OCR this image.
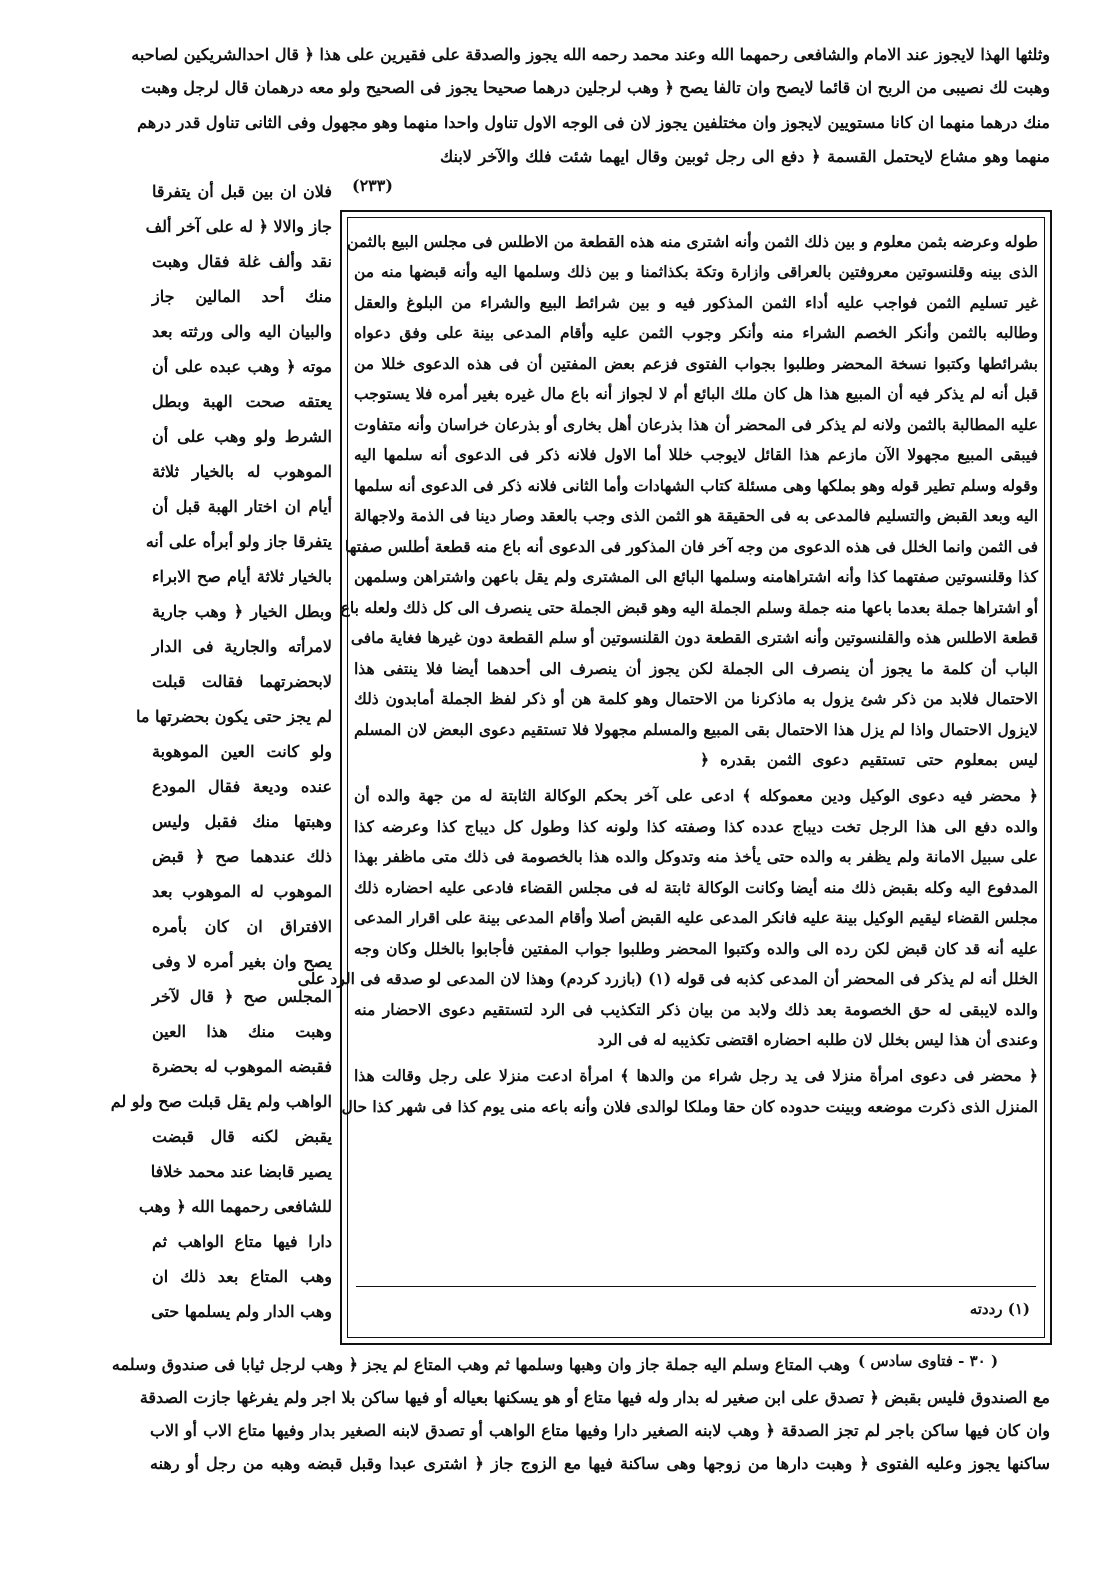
وثلثها الهذا لايجوز عند الامام والشافعى رحمهما الله وعند محمد رحمه الله يجوز والصدقة على فقيرين على هذا ﴿ قال احدالشريكين لصاحبه
وهبت لك نصيبى من الربح ان قائما لايصح وان تالفا يصح ﴿ وهب لرجلين درهما صحيحا يجوز فى الصحيح ولو معه درهمان قال لرجل وهبت
منك درهما منهما ان كانا مستويين لايجوز وان مختلفين يجوز لان فى الوجه الاول تناول واحدا منهما وهو مجهول وفى الثانى تناول قدر درهم
منهما وهو مشاع لايحتمل القسمة ﴿ دفع الى رجل ثوبين وقال ايهما شئت فلك والآخر لابنك
(٢٣٣)
طوله وعرضه بثمن معلوم و بين ذلك الثمن وأنه اشترى منه هذه القطعة من الاطلس فى مجلس البيع بالثمن
الذى بينه وقلنسوتين معروفتين بالعراقى وازارة وتكة بكذاثمنا و بين ذلك وسلمها اليه وأنه قبضها منه من
غير تسليم الثمن فواجب عليه أداء الثمن المذكور فيه و بين شرائط البيع والشراء من البلوغ والعقل
وطالبه بالثمن وأنكر الخصم الشراء منه وأنكر وجوب الثمن عليه وأقام المدعى بينة على وفق دعواه
بشرائطها وكتبوا نسخة المحضر وطلبوا بجواب الفتوى فزعم بعض المفتين أن فى هذه الدعوى خللا من
قبل أنه لم يذكر فيه أن المبيع هذا هل كان ملك البائع أم لا لجواز أنه باع مال غيره بغير أمره فلا يستوجب
عليه المطالبة بالثمن ولانه لم يذكر فى المحضر أن هذا بذرعان أهل بخارى أو بذرعان خراسان وأنه متفاوت
فيبقى المبيع مجهولا الآن مازعم هذا القائل لايوجب خللا أما الاول فلانه ذكر فى الدعوى أنه سلمها اليه
وقوله وسلم تطير قوله وهو بملكها وهى مسئلة كتاب الشهادات وأما الثانى فلانه ذكر فى الدعوى أنه سلمها
اليه وبعد القبض والتسليم فالمدعى به فى الحقيقة هو الثمن الذى وجب بالعقد وصار دينا فى الذمة ولاجهالة
فى الثمن وانما الخلل فى هذه الدعوى من وجه آخر فان المذكور فى الدعوى أنه باع منه قطعة أطلس صفتها
كذا وقلنسوتين صفتهما كذا وأنه اشتراهامنه وسلمها البائع الى المشترى ولم يقل باعهن واشتراهن وسلمهن
أو اشتراها جملة بعدما باعها منه جملة وسلم الجملة اليه وهو قبض الجملة حتى ينصرف الى كل ذلك ولعله باع
قطعة الاطلس هذه والقلنسوتين وأنه اشترى القطعة دون القلنسوتين أو سلم القطعة دون غيرها فغاية مافى
الباب أن كلمة ما يجوز أن ينصرف الى الجملة لكن يجوز أن ينصرف الى أحدهما أيضا فلا ينتفى هذا
الاحتمال فلابد من ذكر شئ يزول به ماذكرنا من الاحتمال وهو كلمة هن أو ذكر لفظ الجملة أمابدون ذلك
لايزول الاحتمال واذا لم يزل هذا الاحتمال بقى المبيع والمسلم مجهولا فلا تستقيم دعوى البعض لان المسلم
ليس بمعلوم حتى تستقيم دعوى الثمن بقدره ﴿
﴿ محضر فيه دعوى الوكيل ودين معموكله ﴾ ادعى على آخر بحكم الوكالة الثابتة له من جهة والده أن
والده دفع الى هذا الرجل تخت ديباج عدده كذا وصفته كذا ولونه كذا وطول كل ديباج كذا وعرضه كذا
على سبيل الامانة ولم يظفر به والده حتى يأخذ منه وتدوكل والده هذا بالخصومة فى ذلك متى ماظفر بهذا
المدفوع اليه وكله بقبض ذلك منه أيضا وكانت الوكالة ثابتة له فى مجلس القضاء فادعى عليه احضاره ذلك
مجلس القضاء ليقيم الوكيل بينة عليه فانكر المدعى عليه القبض أصلا وأقام المدعى بينة على اقرار المدعى
عليه أنه قد كان قبض لكن رده الى والده وكتبوا المحضر وطلبوا جواب المفتين فأجابوا بالخلل وكان وجه
الخلل أنه لم يذكر فى المحضر أن المدعى كذبه فى قوله (١) (بازرد كردم) وهذا لان المدعى لو صدقه فى الرد على
والده لايبقى له حق الخصومة بعد ذلك ولابد من بيان ذكر التكذيب فى الرد لتستقيم دعوى الاحضار منه
وعندى أن هذا ليس بخلل لان طلبه احضاره اقتضى تكذيبه له فى الرد
﴿ محضر فى دعوى امرأة منزلا فى يد رجل شراء من والدها ﴾ امرأة ادعت منزلا على رجل وقالت هذا
المنزل الذى ذكرت موضعه وبينت حدوده كان حقا وملكا لوالدى فلان وأنه باعه منى يوم كذا فى شهر كذا حال
(١) رددته
فلان ان بين قبل أن يتفرقا
جاز والالا ﴿ له على آخر ألف
نقد وألف غلة فقال وهبت
منك أحد المالين جاز
والبيان اليه والى ورثته بعد
موته ﴿ وهب عبده على أن
يعتقه صحت الهبة وبطل
الشرط ولو وهب على أن
الموهوب له بالخيار ثلاثة
أيام ان اختار الهبة قبل أن
يتفرقا جاز ولو أبرأه على أنه
بالخيار ثلاثة أيام صح الابراء
وبطل الخيار ﴿ وهب جارية
لامرأته والجارية فى الدار
لابحضرتهما فقالت قبلت
لم يجز حتى يكون بحضرتها ما
ولو كانت العين الموهوبة
عنده وديعة فقال المودع
وهبتها منك فقبل وليس
ذلك عندهما صح ﴿ قبض
الموهوب له الموهوب بعد
الافتراق ان كان بأمره
يصح وان بغير أمره لا وفى
المجلس صح ﴿ قال لآخر
وهبت منك هذا العين
فقبضه الموهوب له بحضرة
الواهب ولم يقل قبلت صح ولو لم
يقبض لكنه قال قبضت
يصير قابضا عند محمد خلافا
للشافعى رحمهما الله ﴿ وهب
دارا فيها متاع الواهب ثم
وهب المتاع بعد ذلك ان
وهب الدار ولم يسلمها حتى
( ٣٠ - فتاوى سادس )
وهب المتاع وسلم اليه جملة جاز وان وهبها وسلمها ثم وهب المتاع لم يجز ﴿ وهب لرجل ثيابا فى صندوق وسلمه
مع الصندوق فليس بقبض ﴿ تصدق على ابن صغير له بدار وله فيها متاع أو هو يسكنها بعياله أو فيها ساكن بلا اجر ولم يفرغها جازت الصدقة
وان كان فيها ساكن باجر لم تجز الصدقة ﴿ وهب لابنه الصغير دارا وفيها متاع الواهب أو تصدق لابنه الصغير بدار وفيها متاع الاب أو الاب
ساكنها يجوز وعليه الفتوى ﴿ وهبت دارها من زوجها وهى ساكنة فيها مع الزوج جاز ﴿ اشترى عبدا وقبل قبضه وهبه من رجل أو رهنه
